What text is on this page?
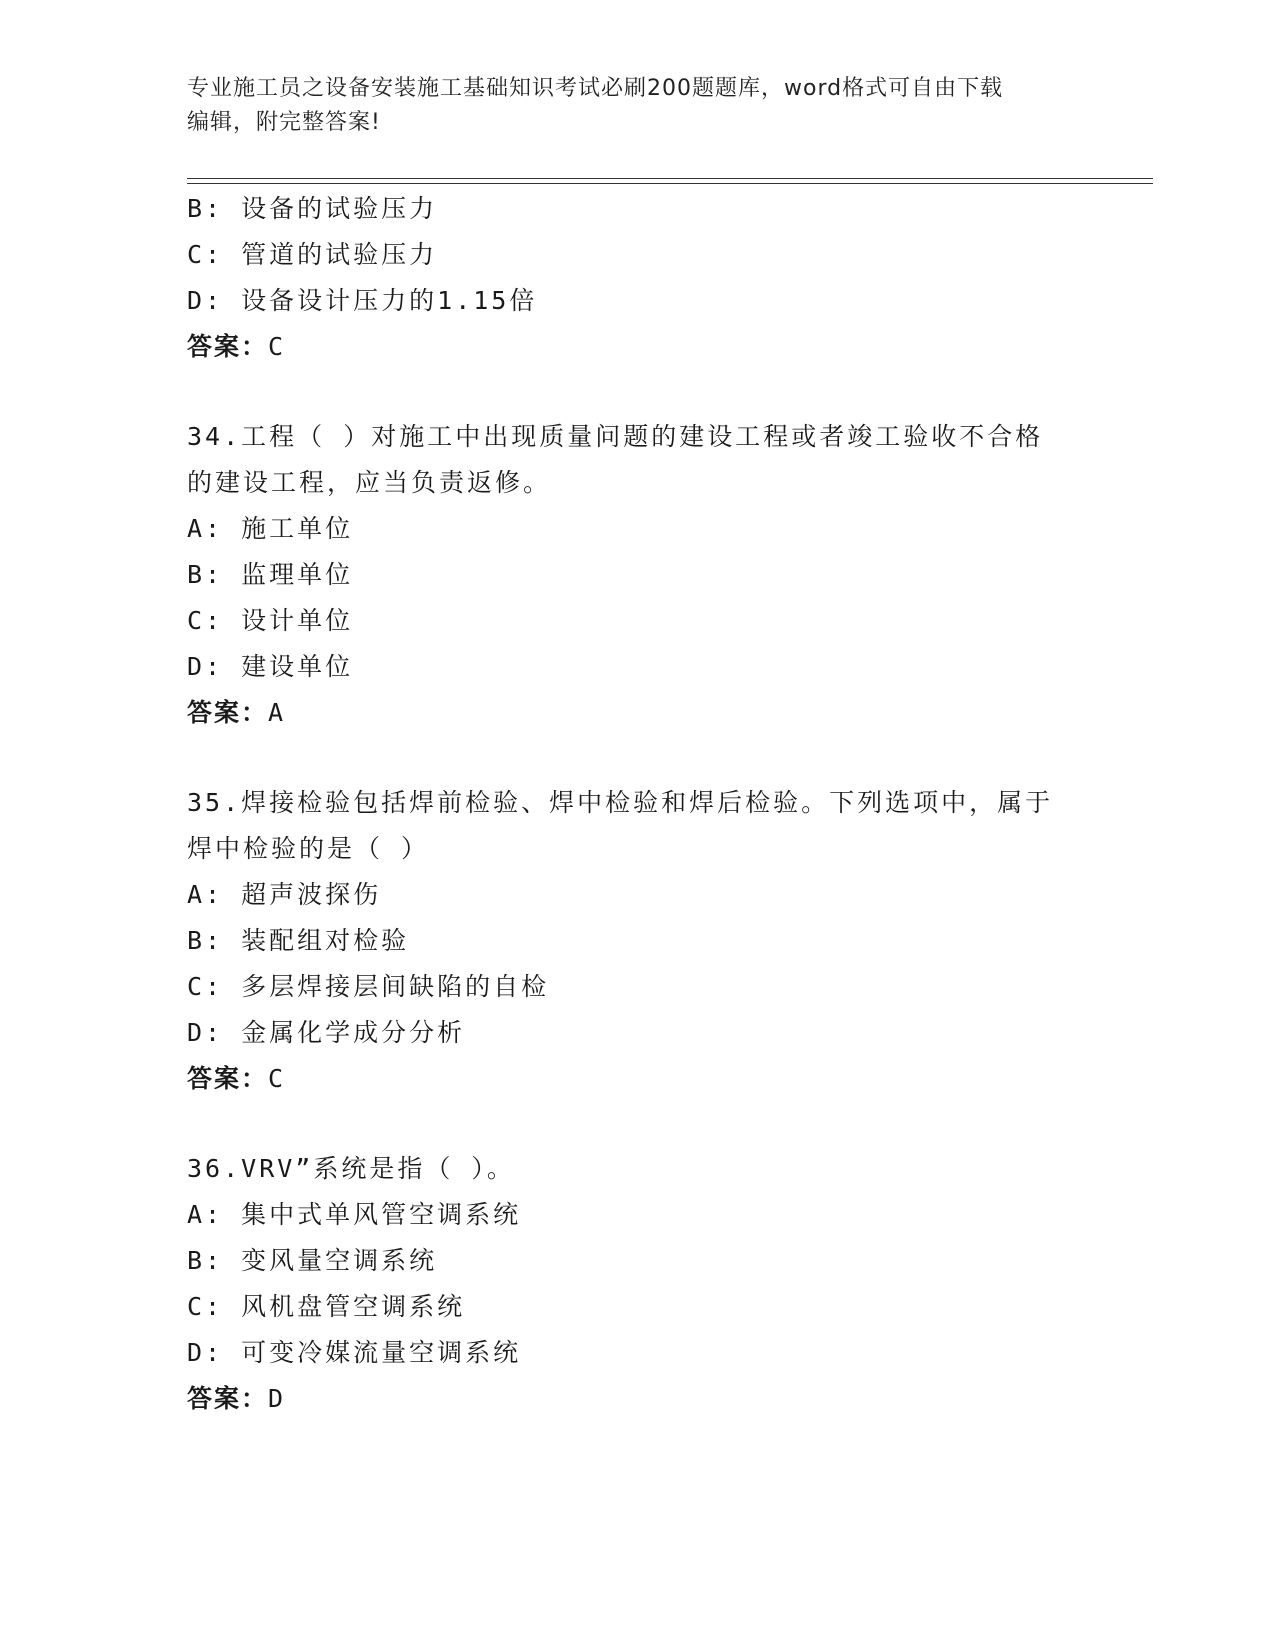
专业施工员之设备安装施工基础知识考试必刷200题题库，word格式可自由下载
编辑，附完整答案!
B: 设备的试验压力
C: 管道的试验压力
D: 设备设计压力的1.15倍
答案：C
34.工程（ ）对施工中出现质量问题的建设工程或者竣工验收不合格
的建设工程，应当负责返修。
A: 施工单位
B: 监理单位
C: 设计单位
D: 建设单位
答案：A
35.焊接检验包括焊前检验、焊中检验和焊后检验。下列选项中，属于
焊中检验的是（ ）
A: 超声波探伤
B: 装配组对检验
C: 多层焊接层间缺陷的自检
D: 金属化学成分分析
答案：C
36.VRV”系统是指（ ）。
A: 集中式单风管空调系统
B: 变风量空调系统
C: 风机盘管空调系统
D: 可变冷媒流量空调系统
答案：D
